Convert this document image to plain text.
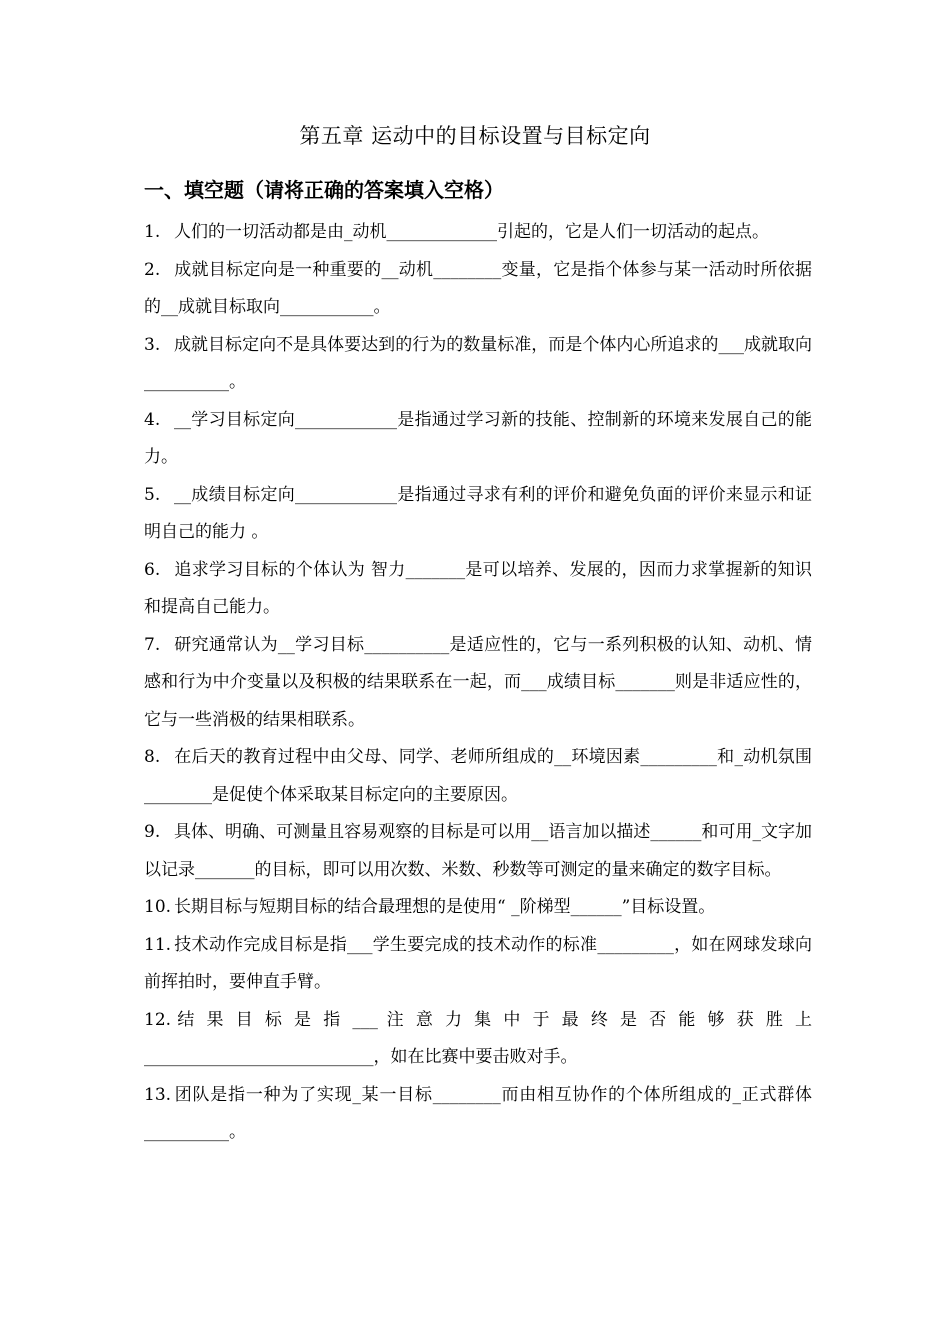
第五章 运动中的目标设置与目标定向
一、填空题（请将正确的答案填入空格）

1. 人们的一切活动都是由_动机_____________引起的，它是人们一切活动的起点。

2. 成就目标定向是一种重要的__动机________变量，它是指个体参与某一活动时所依据的__成就目标取向___________。

3. 成就目标定向不是具体要达到的行为的数量标准，而是个体内心所追求的___成就取向__________。

4. __学习目标定向____________是指通过学习新的技能、控制新的环境来发展自己的能力。

5. __成绩目标定向____________是指通过寻求有利的评价和避免负面的评价来显示和证明自己的能力 。

6. 追求学习目标的个体认为 智力_______是可以培养、发展的，因而力求掌握新的知识和提高自己能力。

7. 研究通常认为__学习目标__________是适应性的，它与一系列积极的认知、动机、情感和行为中介变量以及积极的结果联系在一起，而___成绩目标_______则是非适应性的，它与一些消极的结果相联系。

8. 在后天的教育过程中由父母、同学、老师所组成的__环境因素_________和_动机氛围________是促使个体采取某目标定向的主要原因。

9. 具体、明确、可测量且容易观察的目标是可以用__语言加以描述______和可用_文字加以记录_______的目标，即可以用次数、米数、秒数等可测定的量来确定的数字目标。

10. 长期目标与短期目标的结合最理想的是使用“ _阶梯型______”目标设置。

11. 技术动作完成目标是指___学生要完成的技术动作的标准_________，如在网球发球向前挥拍时，要伸直手臂。

12. 结 果 目 标 是 指 ___ 注 意 力 集 中 于 最 终 是 否 能 够 获 胜 上 ___________________________，如在比赛中要击败对手。

13. 团队是指一种为了实现_某一目标________而由相互协作的个体所组成的_正式群体__________。
